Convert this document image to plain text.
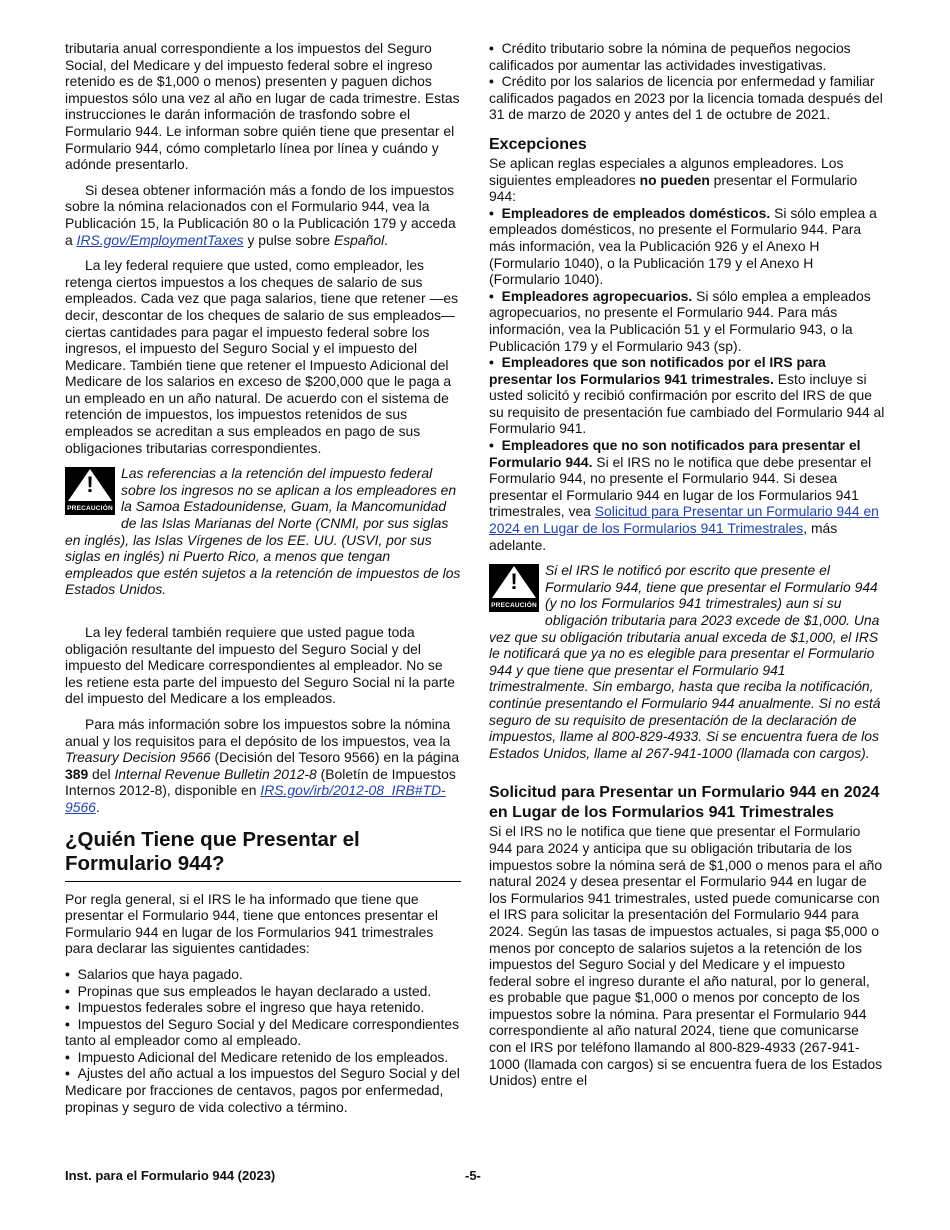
tributaria anual correspondiente a los impuestos del Seguro Social, del Medicare y del impuesto federal sobre el ingreso retenido es de $1,000 o menos) presenten y paguen dichos impuestos sólo una vez al año en lugar de cada trimestre. Estas instrucciones le darán información de trasfondo sobre el Formulario 944. Le informan sobre quién tiene que presentar el Formulario 944, cómo completarlo línea por línea y cuándo y adónde presentarlo.

Si desea obtener información más a fondo de los impuestos sobre la nómina relacionados con el Formulario 944, vea la Publicación 15, la Publicación 80 o la Publicación 179 y acceda a IRS.gov/EmploymentTaxes y pulse sobre Español.

La ley federal requiere que usted, como empleador, les retenga ciertos impuestos a los cheques de salario de sus empleados. Cada vez que paga salarios, tiene que retener —es decir, descontar de los cheques de salario de sus empleados— ciertas cantidades para pagar el impuesto federal sobre los ingresos, el impuesto del Seguro Social y el impuesto del Medicare. También tiene que retener el Impuesto Adicional del Medicare de los salarios en exceso de $200,000 que le paga a un empleado en un año natural. De acuerdo con el sistema de retención de impuestos, los impuestos retenidos de sus empleados se acreditan a sus empleados en pago de sus obligaciones tributarias correspondientes.

!
PRECAUCIÓN

Las referencias a la retención del impuesto federal sobre los ingresos no se aplican a los empleadores en la Samoa Estadounidense, Guam, la Mancomunidad de las Islas Marianas del Norte (CNMI, por sus siglas en inglés), las Islas Vírgenes de los EE. UU. (USVI, por sus siglas en inglés) ni Puerto Rico, a menos que tengan empleados que estén sujetos a la retención de impuestos de los Estados Unidos.

La ley federal también requiere que usted pague toda obligación resultante del impuesto del Seguro Social y del impuesto del Medicare correspondientes al empleador. No se les retiene esta parte del impuesto del Seguro Social ni la parte del impuesto del Medicare a los empleados.

Para más información sobre los impuestos sobre la nómina anual y los requisitos para el depósito de los impuestos, vea la Treasury Decision 9566 (Decisión del Tesoro 9566) en la página 389 del Internal Revenue Bulletin 2012-8 (Boletín de Impuestos Internos 2012-8), disponible en IRS.gov/irb/2012-08_IRB#TD-9566.

¿Quién Tiene que Presentar el Formulario 944?

Por regla general, si el IRS le ha informado que tiene que presentar el Formulario 944, tiene que entonces presentar el Formulario 944 en lugar de los Formularios 941 trimestrales para declarar las siguientes cantidades:

•  Salarios que haya pagado.

•  Propinas que sus empleados le hayan declarado a usted.

•  Impuestos federales sobre el ingreso que haya retenido.

•  Impuestos del Seguro Social y del Medicare correspondientes tanto al empleador como al empleado.

•  Impuesto Adicional del Medicare retenido de los empleados.

•  Ajustes del año actual a los impuestos del Seguro Social y del Medicare por fracciones de centavos, pagos por enfermedad, propinas y seguro de vida colectivo a término.

•  Crédito tributario sobre la nómina de pequeños negocios calificados por aumentar las actividades investigativas.

•  Crédito por los salarios de licencia por enfermedad y familiar calificados pagados en 2023 por la licencia tomada después del 31 de marzo de 2020 y antes del 1 de octubre de 2021.

Excepciones

Se aplican reglas especiales a algunos empleadores. Los siguientes empleadores no pueden presentar el Formulario 944:

•  Empleadores de empleados domésticos. Si sólo emplea a empleados domésticos, no presente el Formulario 944. Para más información, vea la Publicación 926 y el Anexo H (Formulario 1040), o la Publicación 179 y el Anexo H (Formulario 1040).

•  Empleadores agropecuarios. Si sólo emplea a empleados agropecuarios, no presente el Formulario 944. Para más información, vea la Publicación 51 y el Formulario 943, o la Publicación 179 y el Formulario 943 (sp).

•  Empleadores que son notificados por el IRS para presentar los Formularios 941 trimestrales. Esto incluye si usted solicitó y recibió confirmación por escrito del IRS de que su requisito de presentación fue cambiado del Formulario 944 al Formulario 941.

•  Empleadores que no son notificados para presentar el Formulario 944. Si el IRS no le notifica que debe presentar el Formulario 944, no presente el Formulario 944. Si desea presentar el Formulario 944 en lugar de los Formularios 941 trimestrales, vea Solicitud para Presentar un Formulario 944 en 2024 en Lugar de los Formularios 941 Trimestrales, más adelante.

!
PRECAUCIÓN

Si el IRS le notificó por escrito que presente el Formulario 944, tiene que presentar el Formulario 944 (y no los Formularios 941 trimestrales) aun si su obligación tributaria para 2023 excede de $1,000. Una vez que su obligación tributaria anual exceda de $1,000, el IRS le notificará que ya no es elegible para presentar el Formulario 944 y que tiene que presentar el Formulario 941 trimestralmente. Sin embargo, hasta que reciba la notificación, continúe presentando el Formulario 944 anualmente. Si no está seguro de su requisito de presentación de la declaración de impuestos, llame al 800-829-4933. Si se encuentra fuera de los Estados Unidos, llame al 267-941-1000 (llamada con cargos).

Solicitud para Presentar un Formulario 944 en 2024 en Lugar de los Formularios 941 Trimestrales

Si el IRS no le notifica que tiene que presentar el Formulario 944 para 2024 y anticipa que su obligación tributaria de los impuestos sobre la nómina será de $1,000 o menos para el año natural 2024 y desea presentar el Formulario 944 en lugar de los Formularios 941 trimestrales, usted puede comunicarse con el IRS para solicitar la presentación del Formulario 944 para 2024. Según las tasas de impuestos actuales, si paga $5,000 o menos por concepto de salarios sujetos a la retención de los impuestos del Seguro Social y del Medicare y el impuesto federal sobre el ingreso durante el año natural, por lo general, es probable que pague $1,000 o menos por concepto de los impuestos sobre la nómina. Para presentar el Formulario 944 correspondiente al año natural 2024, tiene que comunicarse con el IRS por teléfono llamando al 800-829-4933 (267-941-1000 (llamada con cargos) si se encuentra fuera de los Estados Unidos) entre el

Inst. para el Formulario 944 (2023)	-5-
